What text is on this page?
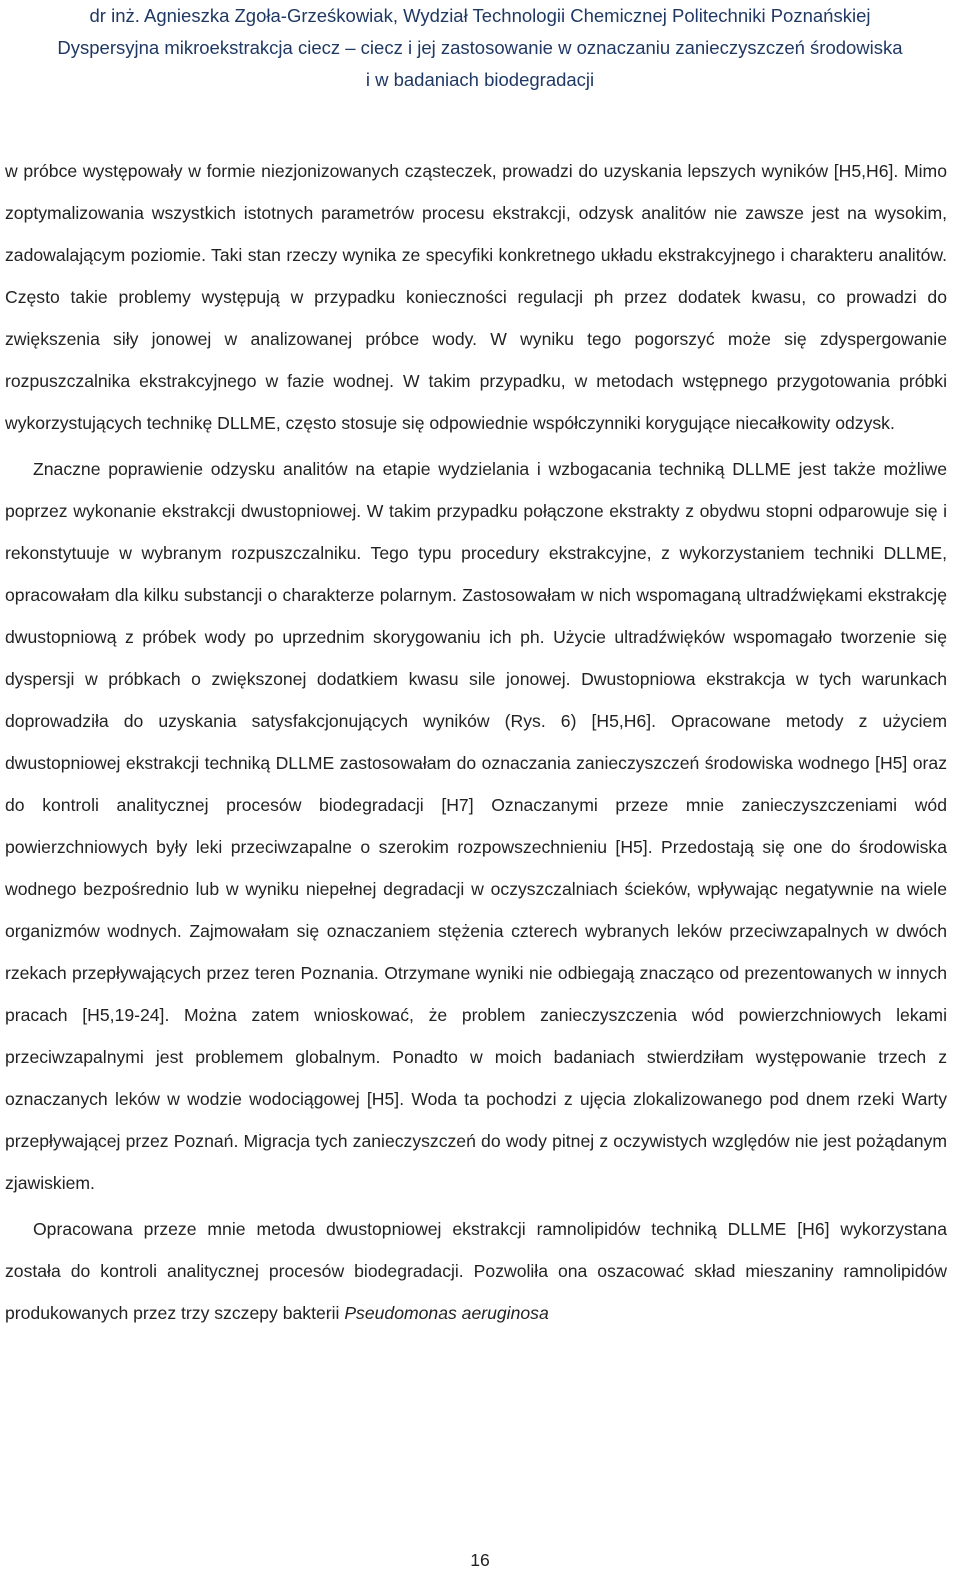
dr inż. Agnieszka Zgoła-Grześkowiak, Wydział Technologii Chemicznej Politechniki Poznańskiej
Dyspersyjna mikroekstrakcja ciecz – ciecz i jej zastosowanie w oznaczaniu zanieczyszczeń środowiska
i w badaniach biodegradacji

w próbce występowały w formie niezjonizowanych cząsteczek, prowadzi do uzyskania lepszych wyników [H5,H6]. Mimo zoptymalizowania wszystkich istotnych parametrów procesu ekstrakcji, odzysk analitów nie zawsze jest na wysokim, zadowalającym poziomie. Taki stan rzeczy wynika ze specyfiki konkretnego układu ekstrakcyjnego i charakteru analitów. Często takie problemy występują w przypadku konieczności regulacji ph przez dodatek kwasu, co prowadzi do zwiększenia siły jonowej w analizowanej próbce wody. W wyniku tego pogorszyć może się zdyspergowanie rozpuszczalnika ekstrakcyjnego w fazie wodnej. W takim przypadku, w metodach wstępnego przygotowania próbki wykorzystujących technikę DLLME, często stosuje się odpowiednie współczynniki korygujące niecałkowity odzysk.

Znaczne poprawienie odzysku analitów na etapie wydzielania i wzbogacania techniką DLLME jest także możliwe poprzez wykonanie ekstrakcji dwustopniowej. W takim przypadku połączone ekstrakty z obydwu stopni odparowuje się i rekonstytuuje w wybranym rozpuszczalniku. Tego typu procedury ekstrakcyjne, z wykorzystaniem techniki DLLME, opracowałam dla kilku substancji o charakterze polarnym. Zastosowałam w nich wspomaganą ultradźwiękami ekstrakcję dwustopniową z próbek wody po uprzednim skorygowaniu ich ph. Użycie ultradźwięków wspomagało tworzenie się dyspersji w próbkach o zwiększonej dodatkiem kwasu sile jonowej. Dwustopniowa ekstrakcja w tych warunkach doprowadziła do uzyskania satysfakcjonujących wyników (Rys. 6) [H5,H6]. Opracowane metody z użyciem dwustopniowej ekstrakcji techniką DLLME zastosowałam do oznaczania zanieczyszczeń środowiska wodnego [H5] oraz do kontroli analitycznej procesów biodegradacji [H7] Oznaczanymi przeze mnie zanieczyszczeniami wód powierzchniowych były leki przeciwzapalne o szerokim rozpowszechnieniu [H5]. Przedostają się one do środowiska wodnego bezpośrednio lub w wyniku niepełnej degradacji w oczyszczalniach ścieków, wpływając negatywnie na wiele organizmów wodnych. Zajmowałam się oznaczaniem stężenia czterech wybranych leków przeciwzapalnych w dwóch rzekach przepływających przez teren Poznania. Otrzymane wyniki nie odbiegają znacząco od prezentowanych w innych pracach [H5,19-24]. Można zatem wnioskować, że problem zanieczyszczenia wód powierzchniowych lekami przeciwzapalnymi jest problemem globalnym. Ponadto w moich badaniach stwierdziłam występowanie trzech z oznaczanych leków w wodzie wodociągowej [H5]. Woda ta pochodzi z ujęcia zlokalizowanego pod dnem rzeki Warty przepływającej przez Poznań. Migracja tych zanieczyszczeń do wody pitnej z oczywistych względów nie jest pożądanym zjawiskiem.

Opracowana przeze mnie metoda dwustopniowej ekstrakcji ramnolipidów techniką DLLME [H6] wykorzystana została do kontroli analitycznej procesów biodegradacji. Pozwoliła ona oszacować skład mieszaniny ramnolipidów produkowanych przez trzy szczepy bakterii Pseudomonas aeruginosa

16
